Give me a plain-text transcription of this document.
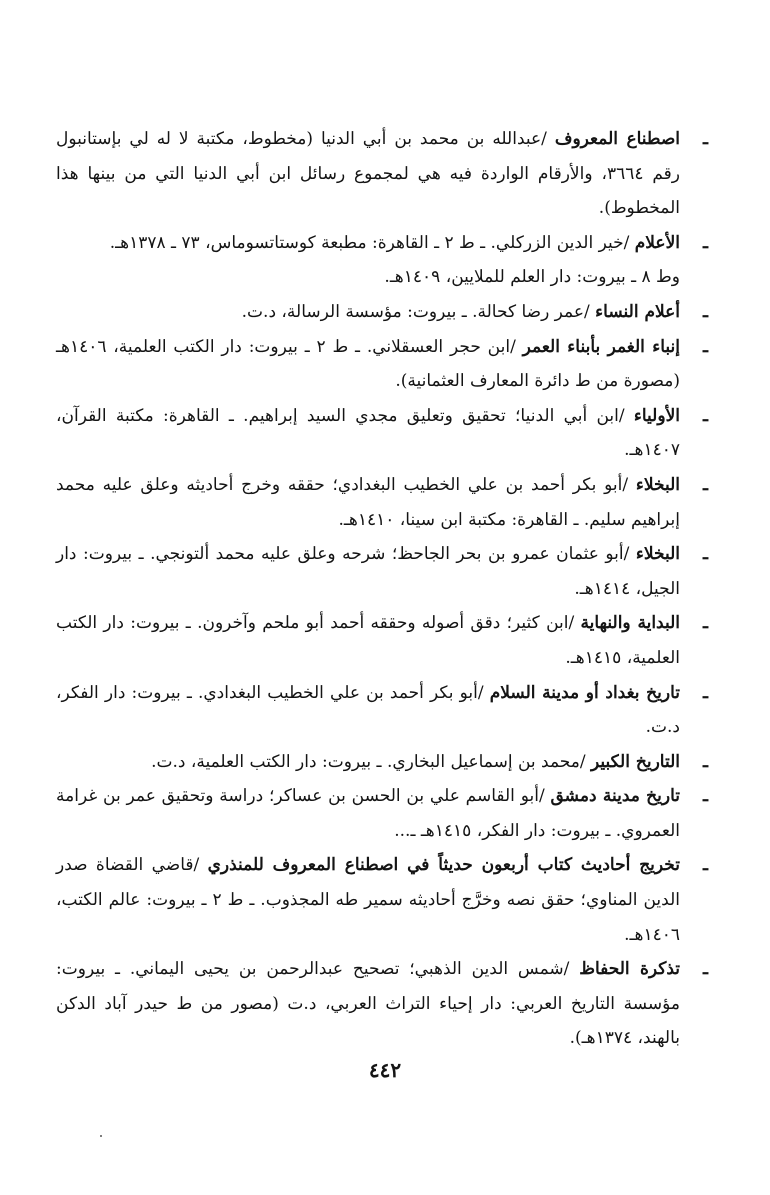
ـ
اصطناع المعروف /عبدالله بن محمد بن أبي الدنيا (مخطوط، مكتبة لا له لي بإستانبول رقم ٣٦٦٤، والأرقام الواردة فيه هي لمجموع رسائل ابن أبي الدنيا التي من بينها هذا المخطوط).
ـ
الأعلام /خير الدين الزركلي. ـ ط ٢ ـ القاهرة: مطبعة كوستاتسوماس، ٧٣ ـ ١٣٧٨هـ.
وط ٨ ـ بيروت: دار العلم للملايين، ١٤٠٩هـ.
ـ
أعلام النساء /عمر رضا كحالة. ـ بيروت: مؤسسة الرسالة، د.ت.
ـ
إنباء الغمر بأبناء العمر /ابن حجر العسقلاني. ـ ط ٢ ـ بيروت: دار الكتب العلمية، ١٤٠٦هـ (مصورة من ط دائرة المعارف العثمانية).
ـ
الأولياء /ابن أبي الدنيا؛ تحقيق وتعليق مجدي السيد إبراهيم. ـ القاهرة: مكتبة القرآن، ١٤٠٧هـ.
ـ
البخلاء /أبو بكر أحمد بن علي الخطيب البغدادي؛ حققه وخرج أحاديثه وعلق عليه محمد إبراهيم سليم. ـ القاهرة: مكتبة ابن سينا، ١٤١٠هـ.
ـ
البخلاء /أبو عثمان عمرو بن بحر الجاحظ؛ شرحه وعلق عليه محمد ألتونجي. ـ بيروت: دار الجيل، ١٤١٤هـ.
ـ
البداية والنهاية /ابن كثير؛ دقق أصوله وحققه أحمد أبو ملحم وآخرون. ـ بيروت: دار الكتب العلمية، ١٤١٥هـ.
ـ
تاريخ بغداد أو مدينة السلام /أبو بكر أحمد بن علي الخطيب البغدادي. ـ بيروت: دار الفكر، د.ت.
ـ
التاريخ الكبير /محمد بن إسماعيل البخاري. ـ بيروت: دار الكتب العلمية، د.ت.
ـ
تاريخ مدينة دمشق /أبو القاسم علي بن الحسن بن عساكر؛ دراسة وتحقيق عمر بن غرامة العمروي. ـ بيروت: دار الفكر، ١٤١٥هـ ـ...
ـ
تخريج أحاديث كتاب أربعون حديثاً في اصطناع المعروف للمنذري /قاضي القضاة صدر الدين المناوي؛ حقق نصه وخرَّج أحاديثه سمير طه المجذوب. ـ ط ٢ ـ بيروت: عالم الكتب، ١٤٠٦هـ.
ـ
تذكرة الحفاظ /شمس الدين الذهبي؛ تصحيح عبدالرحمن بن يحيى اليماني. ـ بيروت: مؤسسة التاريخ العربي: دار إحياء التراث العربي، د.ت (مصور من ط حيدر آباد الدكن بالهند، ١٣٧٤هـ).
٤٤٢
